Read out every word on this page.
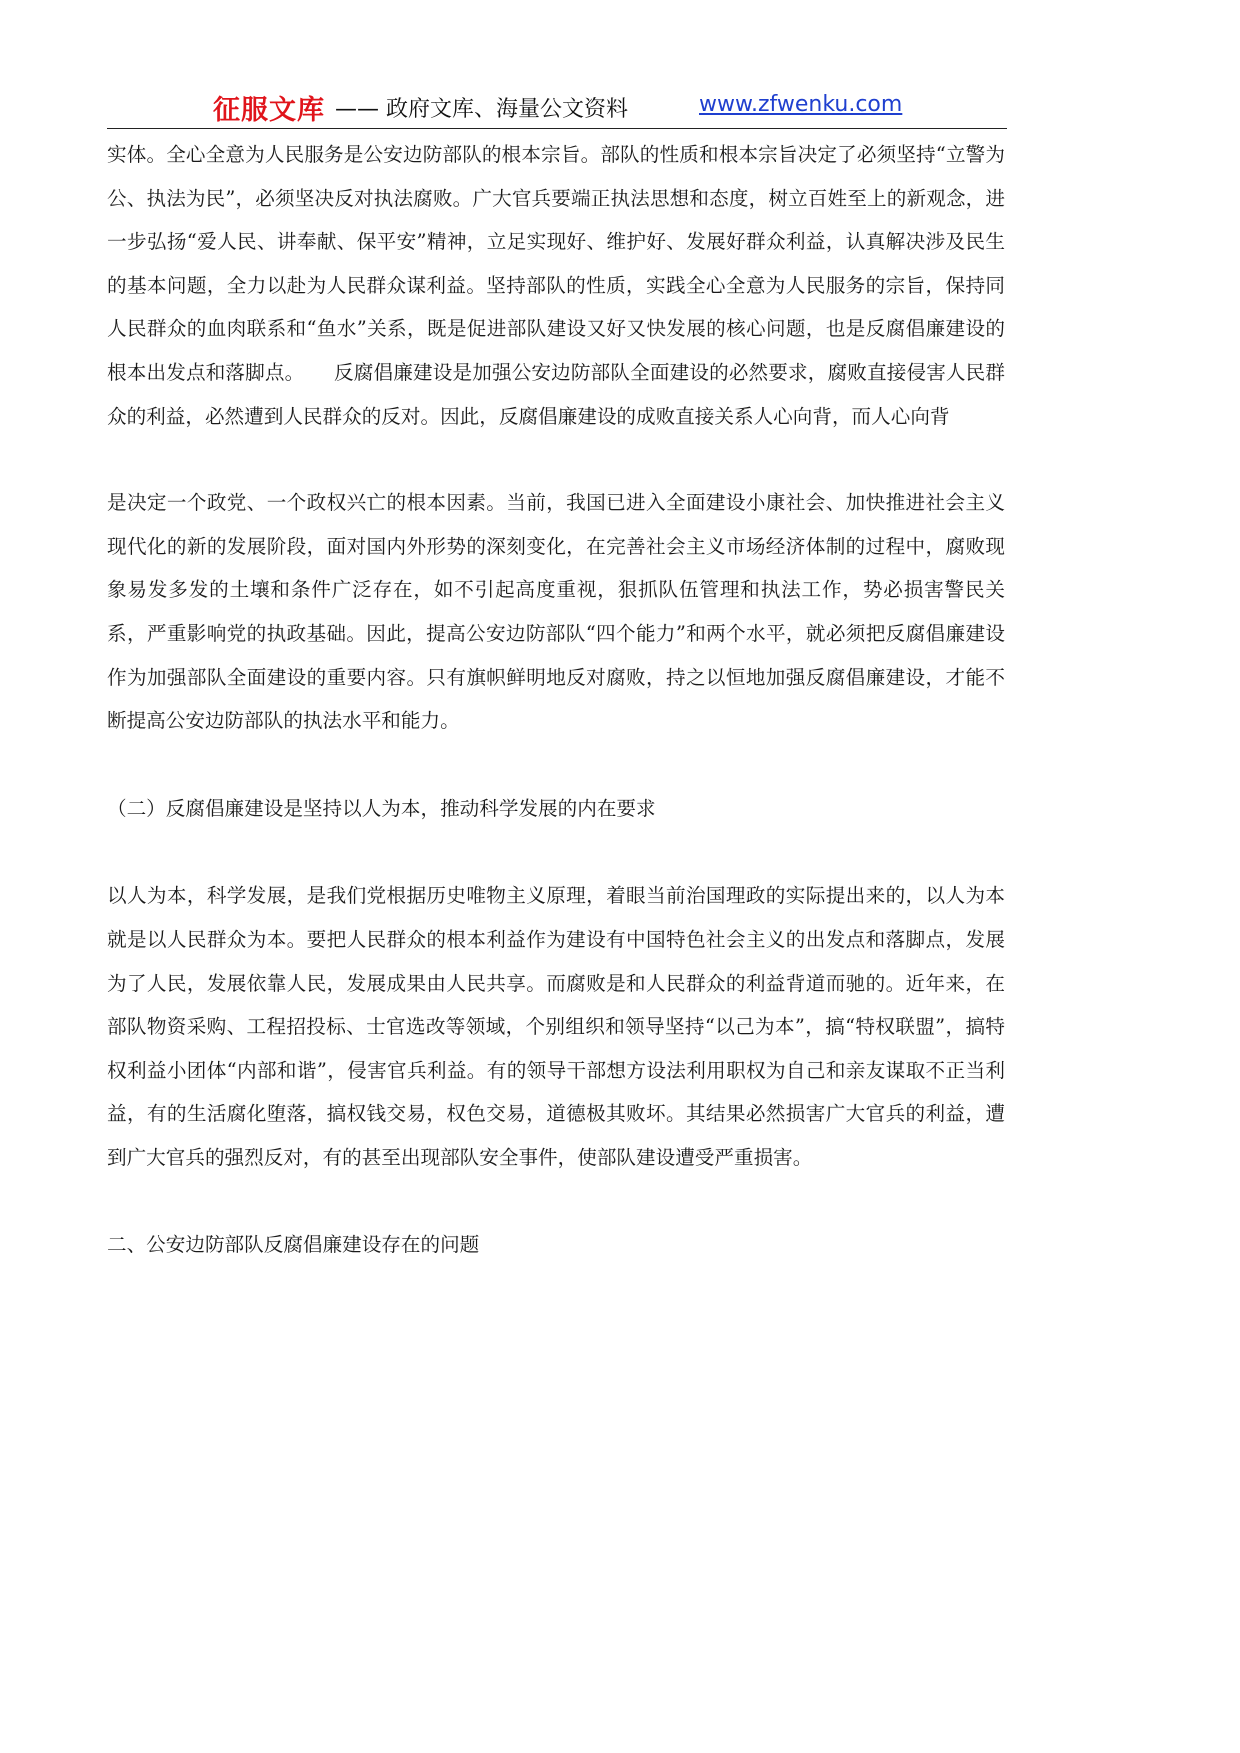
征服文库 —— 政府文库、海量公文资料	www.zfwenku.com

实体。全心全意为人民服务是公安边防部队的根本宗旨。部队的性质和根本宗旨决定了必须坚持“立警为公、执法为民”，必须坚决反对执法腐败。广大官兵要端正执法思想和态度，树立百姓至上的新观念，进一步弘扬“爱人民、讲奉献、保平安”精神，立足实现好、维护好、发展好群众利益，认真解决涉及民生的基本问题，全力以赴为人民群众谋利益。坚持部队的性质，实践全心全意为人民服务的宗旨，保持同人民群众的血肉联系和“鱼水”关系，既是促进部队建设又好又快发展的核心问题，也是反腐倡廉建设的根本出发点和落脚点。　　反腐倡廉建设是加强公安边防部队全面建设的必然要求，腐败直接侵害人民群众的利益，必然遭到人民群众的反对。因此，反腐倡廉建设的成败直接关系人心向背，而人心向背

是决定一个政党、一个政权兴亡的根本因素。当前，我国已进入全面建设小康社会、加快推进社会主义现代化的新的发展阶段，面对国内外形势的深刻变化，在完善社会主义市场经济体制的过程中，腐败现象易发多发的土壤和条件广泛存在，如不引起高度重视，狠抓队伍管理和执法工作，势必损害警民关系，严重影响党的执政基础。因此，提高公安边防部队“四个能力”和两个水平，就必须把反腐倡廉建设作为加强部队全面建设的重要内容。只有旗帜鲜明地反对腐败，持之以恒地加强反腐倡廉建设，才能不断提高公安边防部队的执法水平和能力。

（二）反腐倡廉建设是坚持以人为本，推动科学发展的内在要求

以人为本，科学发展，是我们党根据历史唯物主义原理，着眼当前治国理政的实际提出来的，以人为本就是以人民群众为本。要把人民群众的根本利益作为建设有中国特色社会主义的出发点和落脚点，发展为了人民，发展依靠人民，发展成果由人民共享。而腐败是和人民群众的利益背道而驰的。近年来，在部队物资采购、工程招投标、士官选改等领域，个别组织和领导坚持“以己为本”，搞“特权联盟”，搞特权利益小团体“内部和谐”，侵害官兵利益。有的领导干部想方设法利用职权为自己和亲友谋取不正当利益，有的生活腐化堕落，搞权钱交易，权色交易，道德极其败坏。其结果必然损害广大官兵的利益，遭到广大官兵的强烈反对，有的甚至出现部队安全事件，使部队建设遭受严重损害。

二、公安边防部队反腐倡廉建设存在的问题
